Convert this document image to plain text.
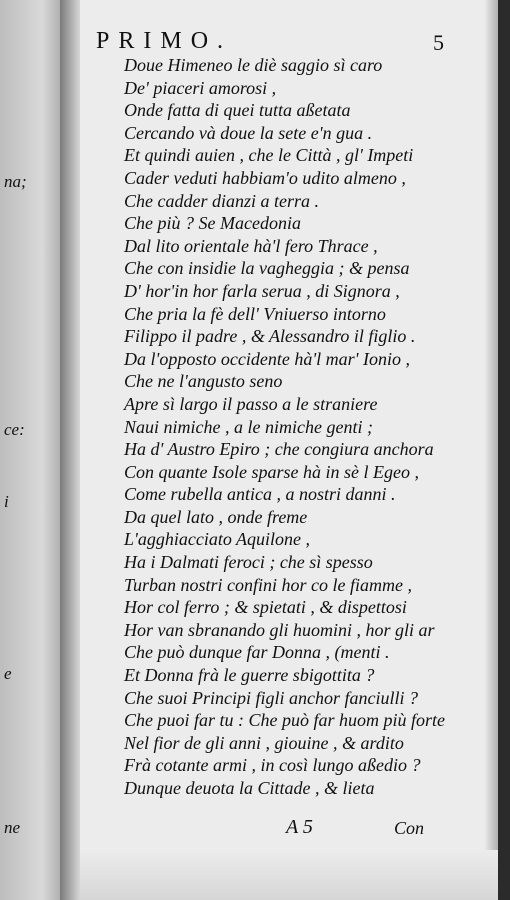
na;
ce:
i
e
ne
PRIMO.	5
Doue Himeneo le diè saggio sì caro
De' piaceri amorosi ,
Onde fatta di quei tutta aßetata
Cercando và doue la sete e'n gua .
Et quindi auien , che le Città , gl' Impeti
Cader veduti habbiam'o udito almeno ,
Che cadder dianzi a terra .
Che più ? Se Macedonia
Dal lito orientale hà'l fero Thrace ,
Che con insidie la vagheggia ; & pensa
D' hor'in hor farla serua , di Signora ,
Che pria la fè dell' Vniuerso intorno
Filippo il padre , & Alessandro il figlio .
Da l'opposto occidente hà'l mar' Ionio ,
Che ne l'angusto seno
Apre sì largo il passo a le straniere
Naui nimiche , a le nimiche genti ;
Ha d' Austro Epiro ; che congiura anchora
Con quante Isole sparse hà in sè l Egeo ,
Come rubella antica , a nostri danni .
Da quel lato , onde freme
L'agghiacciato Aquilone ,
Ha i Dalmati feroci ; che sì spesso
Turban nostri confini hor co le fiamme ,
Hor col ferro ; & spietati , & dispettosi
Hor van sbranando gli huomini , hor gli ar
Che può dunque far Donna , (menti .
Et Donna frà le guerre sbigottita ?
Che suoi Principi figli anchor fanciulli ?
Che puoi far tu : Che può far huom più forte
Nel fior de gli anni , giouine , & ardito
Frà cotante armi , in così lungo aßedio ?
Dunque deuota la Cittade , & lieta
A 5	Con
